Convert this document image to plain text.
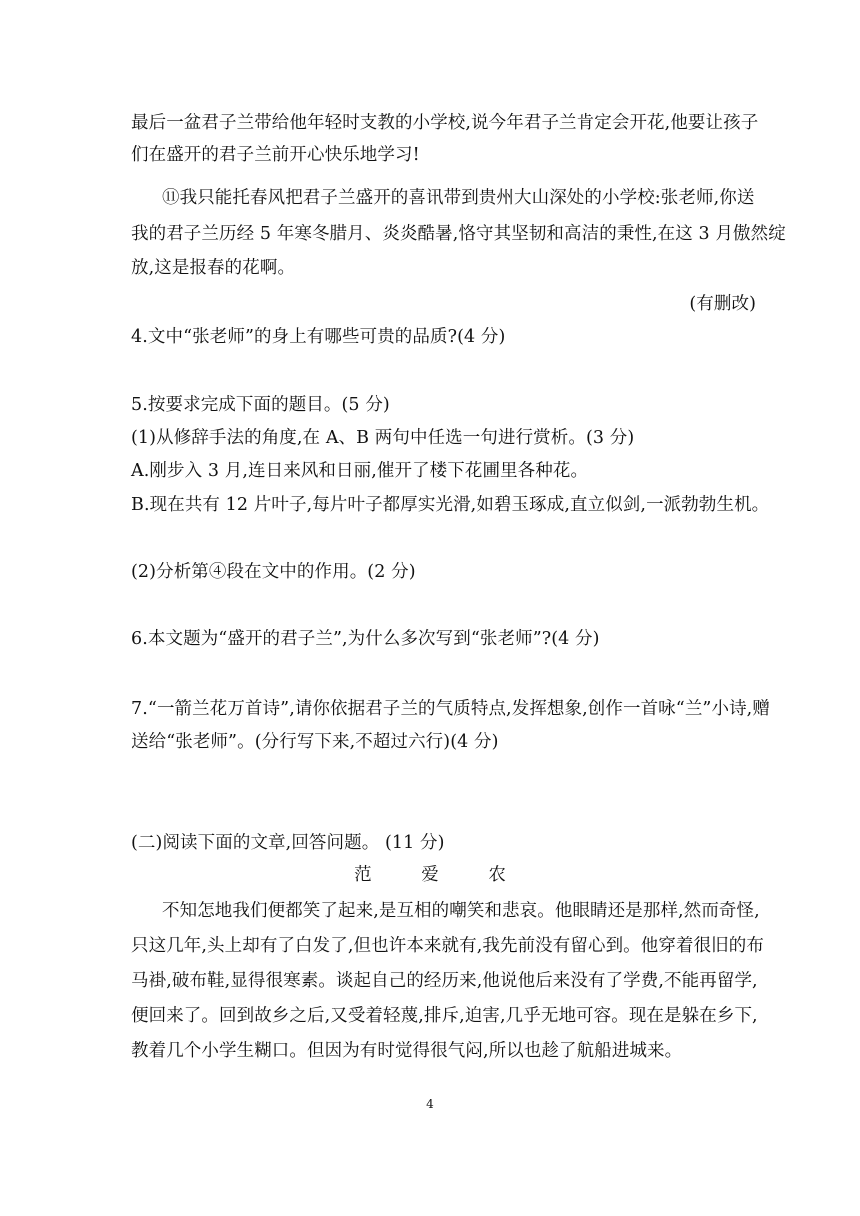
最后一盆君子兰带给他年轻时支教的小学校,说今年君子兰肯定会开花,他要让孩子
们在盛开的君子兰前开心快乐地学习!
⑪我只能托春风把君子兰盛开的喜讯带到贵州大山深处的小学校:张老师,你送
我的君子兰历经 5 年寒冬腊月、炎炎酷暑,恪守其坚韧和高洁的秉性,在这 3 月傲然绽
放,这是报春的花啊。
(有删改)
4.文中“张老师”的身上有哪些可贵的品质?(4 分)
5.按要求完成下面的题目。(5 分)
(1)从修辞手法的角度,在 A、B 两句中任选一句进行赏析。(3 分)
A.刚步入 3 月,连日来风和日丽,催开了楼下花圃里各种花。
B.现在共有 12 片叶子,每片叶子都厚实光滑,如碧玉琢成,直立似剑,一派勃勃生机。
(2)分析第④段在文中的作用。(2 分)
6.本文题为“盛开的君子兰”,为什么多次写到“张老师”?(4 分)
7.“一箭兰花万首诗”,请你依据君子兰的气质特点,发挥想象,创作一首咏“兰”小诗,赠
送给“张老师”。(分行写下来,不超过六行)(4 分)
(二)阅读下面的文章,回答问题。 (11 分)
范	爱	农
不知怎地我们便都笑了起来,是互相的嘲笑和悲哀。他眼睛还是那样,然而奇怪,
只这几年,头上却有了白发了,但也许本来就有,我先前没有留心到。他穿着很旧的布
马褂,破布鞋,显得很寒素。谈起自己的经历来,他说他后来没有了学费,不能再留学,
便回来了。回到故乡之后,又受着轻蔑,排斥,迫害,几乎无地可容。现在是躲在乡下,
教着几个小学生糊口。但因为有时觉得很气闷,所以也趁了航船进城来。
4
